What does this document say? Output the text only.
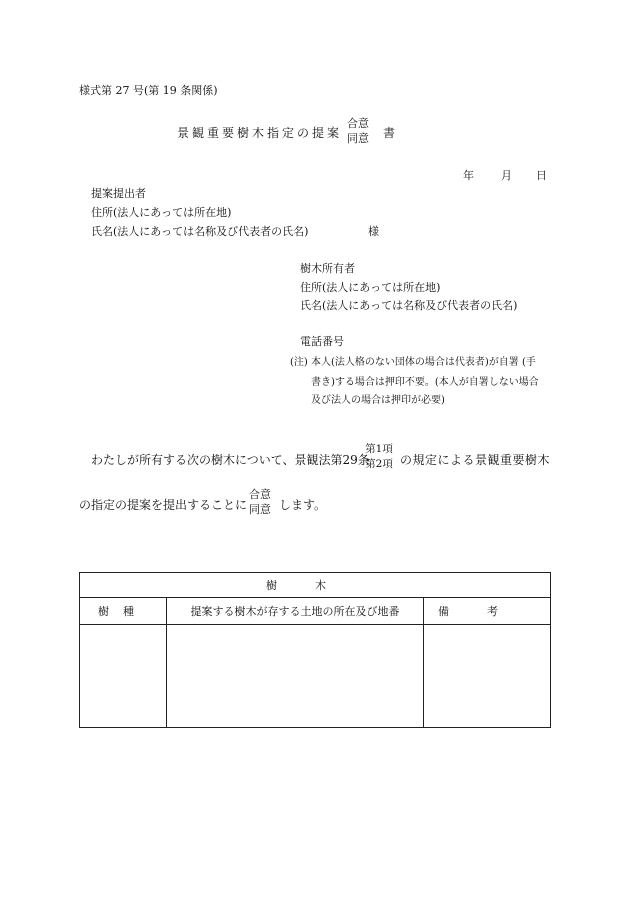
様式第 27 号(第 19 条関係)
景観重要樹木指定の提案
合意
同意	書
年 月 日
提案提出者
住所(法人にあっては所在地)
氏名(法人にあっては名称及び代表者の氏名)	様
樹木所有者
住所(法人にあっては所在地)
氏名(法人にあっては名称及び代表者の氏名)
電話番号
(注) 本人(法人格のない団体の場合は代表者)が自署 (手
書き)する場合は押印不要。(本人が自署しない場合
及び法人の場合は押印が必要)
わたしが所有する次の樹木について、景観法第29条
第1項
第2項 の規定による景観重要樹木
の指定の提案を提出することに
合意
同意 します。
樹木		
樹種	提案する樹木が存する土地の所在及び地番	備考
